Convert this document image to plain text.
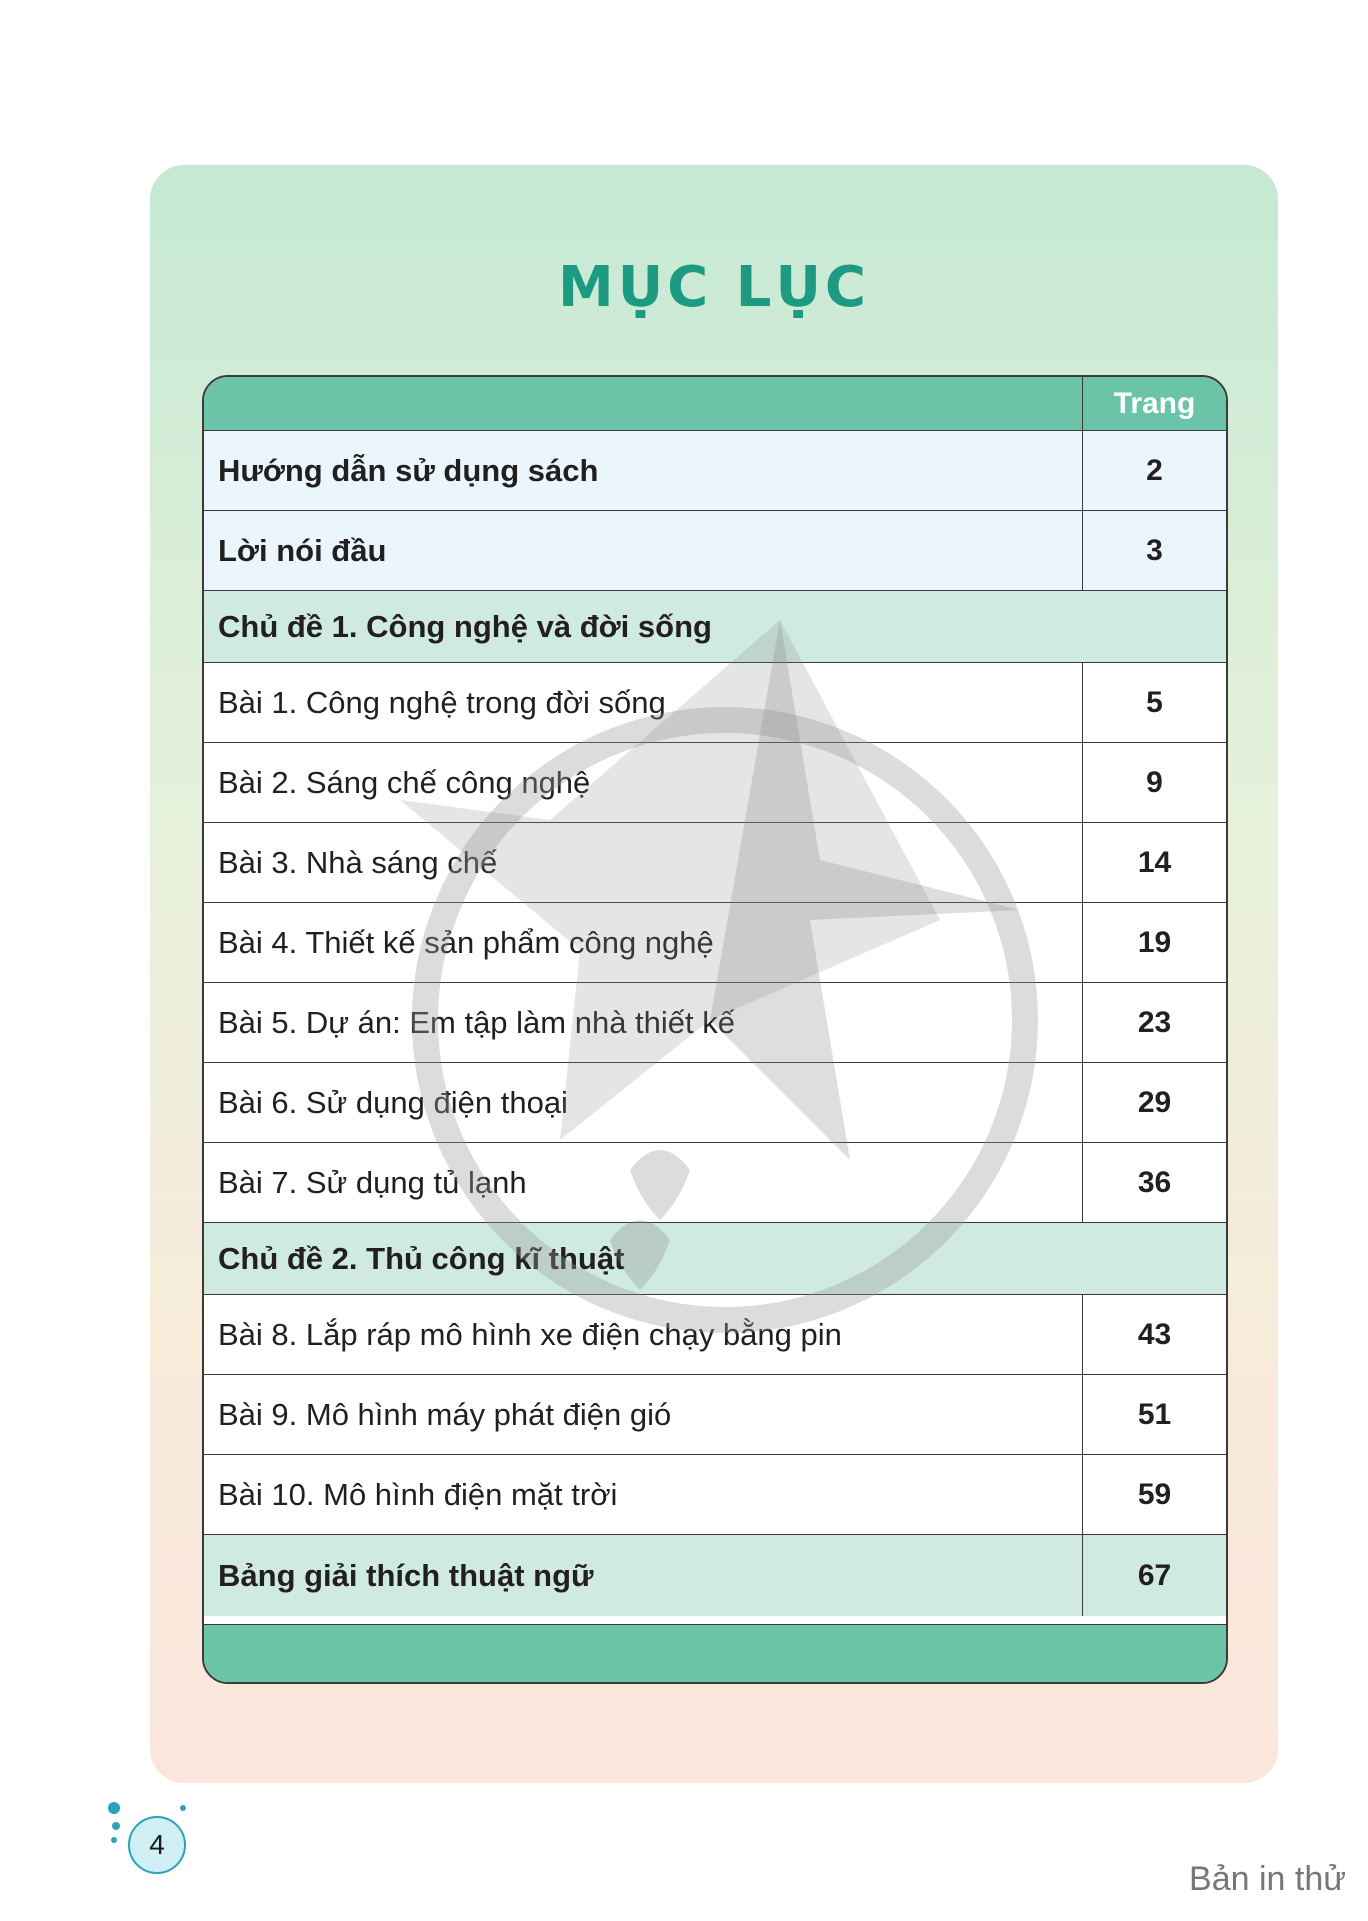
MỤC LỤC
Trang
Hướng dẫn sử dụng sách	2
Lời nói đầu	3
Chủ đề 1. Công nghệ và đời sống
Bài 1. Công nghệ trong đời sống	5
Bài 2. Sáng chế công nghệ	9
Bài 3. Nhà sáng chế	14
Bài 4. Thiết kế sản phẩm công nghệ	19
Bài 5. Dự án: Em tập làm nhà thiết kế	23
Bài 6. Sử dụng điện thoại	29
Bài 7. Sử dụng tủ lạnh	36
Chủ đề 2. Thủ công kĩ thuật
Bài 8. Lắp ráp mô hình xe điện chạy bằng pin	43
Bài 9. Mô hình máy phát điện gió	51
Bài 10. Mô hình điện mặt trời	59
Bảng giải thích thuật ngữ	67
4
Bản in thử
